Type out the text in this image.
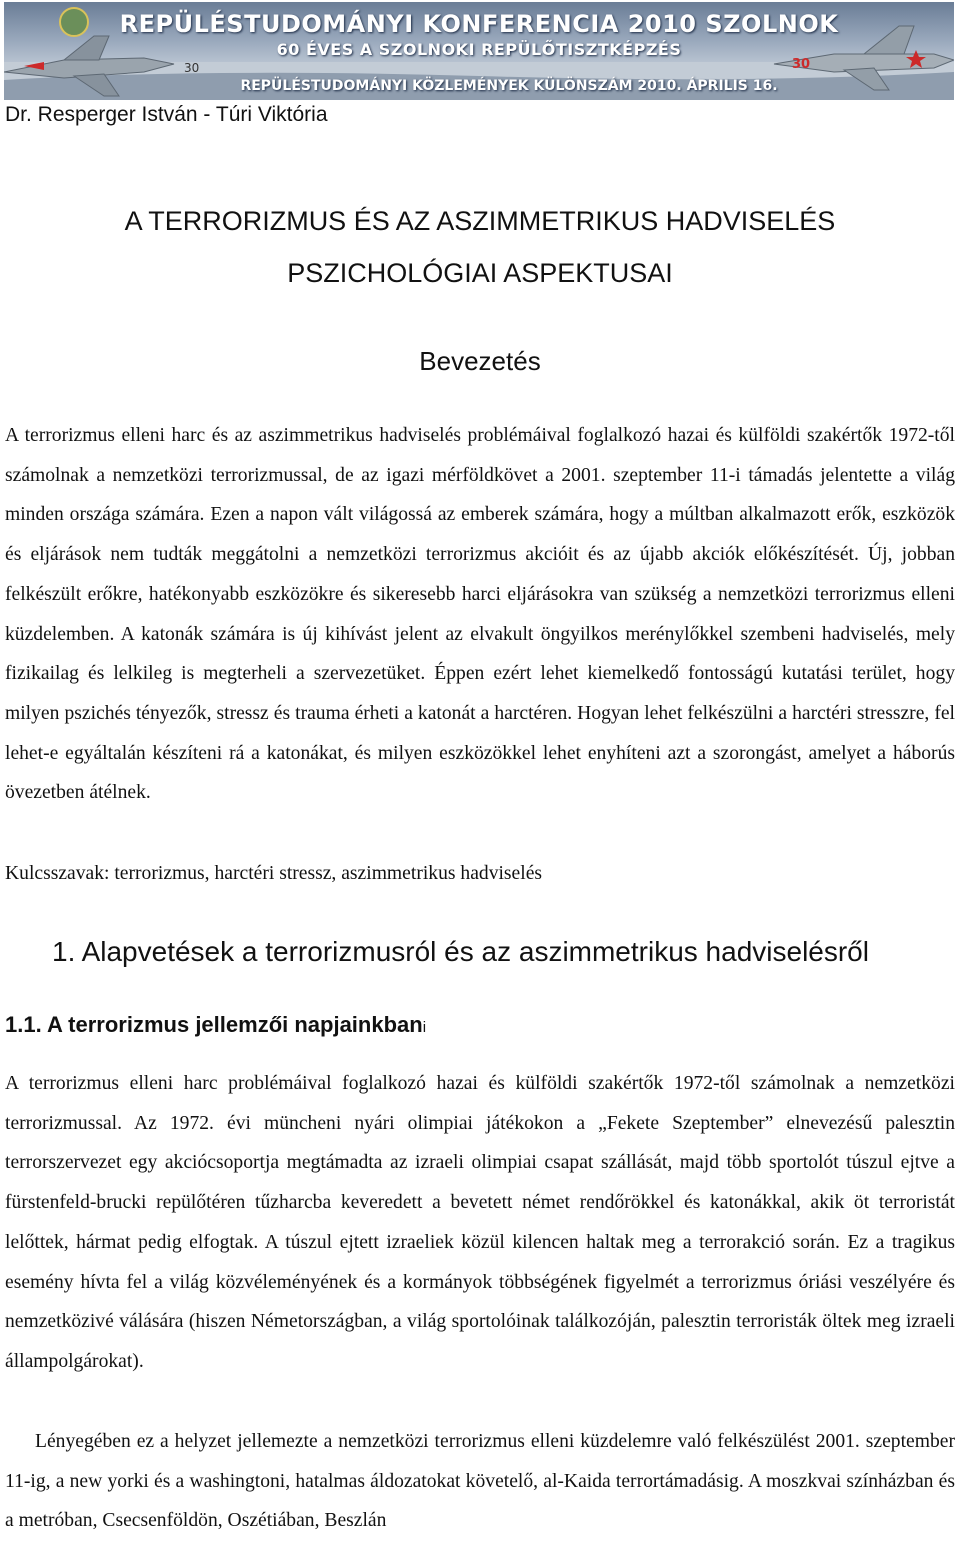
30	30
REPÜLÉSTUDOMÁNYI KONFERENCIA 2010 SZOLNOK
60 ÉVES A SZOLNOKI REPÜLŐTISZTKÉPZÉS
REPÜLÉSTUDOMÁNYI KÖZLEMÉNYEK KÜLÖNSZÁM 2010. ÁPRILIS 16.
Dr. Resperger István - Túri Viktória
A TERRORIZMUS ÉS AZ ASZIMMETRIKUS HADVISELÉS
PSZICHOLÓGIAI ASPEKTUSAI
Bevezetés

A terrorizmus elleni harc és az aszimmetrikus hadviselés problémáival foglalkozó hazai és külföldi szakértők 1972-től számolnak a nemzetközi terrorizmussal, de az igazi mérföldkövet a 2001. szeptember 11-i támadás jelentette a világ minden országa számára. Ezen a napon vált világossá az emberek számára, hogy a múltban alkalmazott erők, eszközök és eljárások nem tudták meggátolni a nemzetközi terrorizmus akcióit és az újabb akciók előkészítését. Új, jobban felkészült erőkre, hatékonyabb eszközökre és sikeresebb harci eljárásokra van szükség a nemzetközi terrorizmus elleni küzdelemben. A katonák számára is új kihívást jelent az elvakult öngyilkos merénylőkkel szembeni hadviselés, mely fizikailag és lelkileg is megterheli a szervezetüket. Éppen ezért lehet kiemelkedő fontosságú kutatási terület, hogy milyen pszichés tényezők, stressz és trauma érheti a katonát a harctéren. Hogyan lehet felkészülni a harctéri stresszre, fel lehet-e egyáltalán készíteni rá a katonákat, és milyen eszközökkel lehet enyhíteni azt a szorongást, amelyet a háborús övezetben átélnek.

Kulcsszavak: terrorizmus, harctéri stressz, aszimmetrikus hadviselés
1. Alapvetések a terrorizmusról és az aszimmetrikus hadviselésről
1.1. A terrorizmus jellemzői napjainkbani

A terrorizmus elleni harc problémáival foglalkozó hazai és külföldi szakértők 1972-től számolnak a nemzetközi terrorizmussal. Az 1972. évi müncheni nyári olimpiai játékokon a „Fekete Szeptember” elnevezésű palesztin terrorszervezet egy akciócsoportja megtámadta az izraeli olimpiai csapat szállását, majd több sportolót túszul ejtve a fürstenfeld-brucki repülőtéren tűzharcba keveredett a bevetett német rendőrökkel és katonákkal, akik öt terroristát lelőttek, hármat pedig elfogtak. A túszul ejtett izraeliek közül kilencen haltak meg a terrorakció során. Ez a tragikus esemény hívta fel a világ közvéleményének és a kormányok többségének figyelmét a terrorizmus óriási veszélyére és nemzetközivé válására (hiszen Németországban, a világ sportolóinak találkozóján, palesztin terroristák öltek meg izraeli állampolgárokat).

Lényegében ez a helyzet jellemezte a nemzetközi terrorizmus elleni küzdelemre való felkészülést 2001. szeptember 11-ig, a new yorki és a washingtoni, hatalmas áldozatokat követelő, al-Kaida terrortámadásig. A moszkvai színházban és a metróban, Csecsenföldön, Oszétiában, Beszlán
